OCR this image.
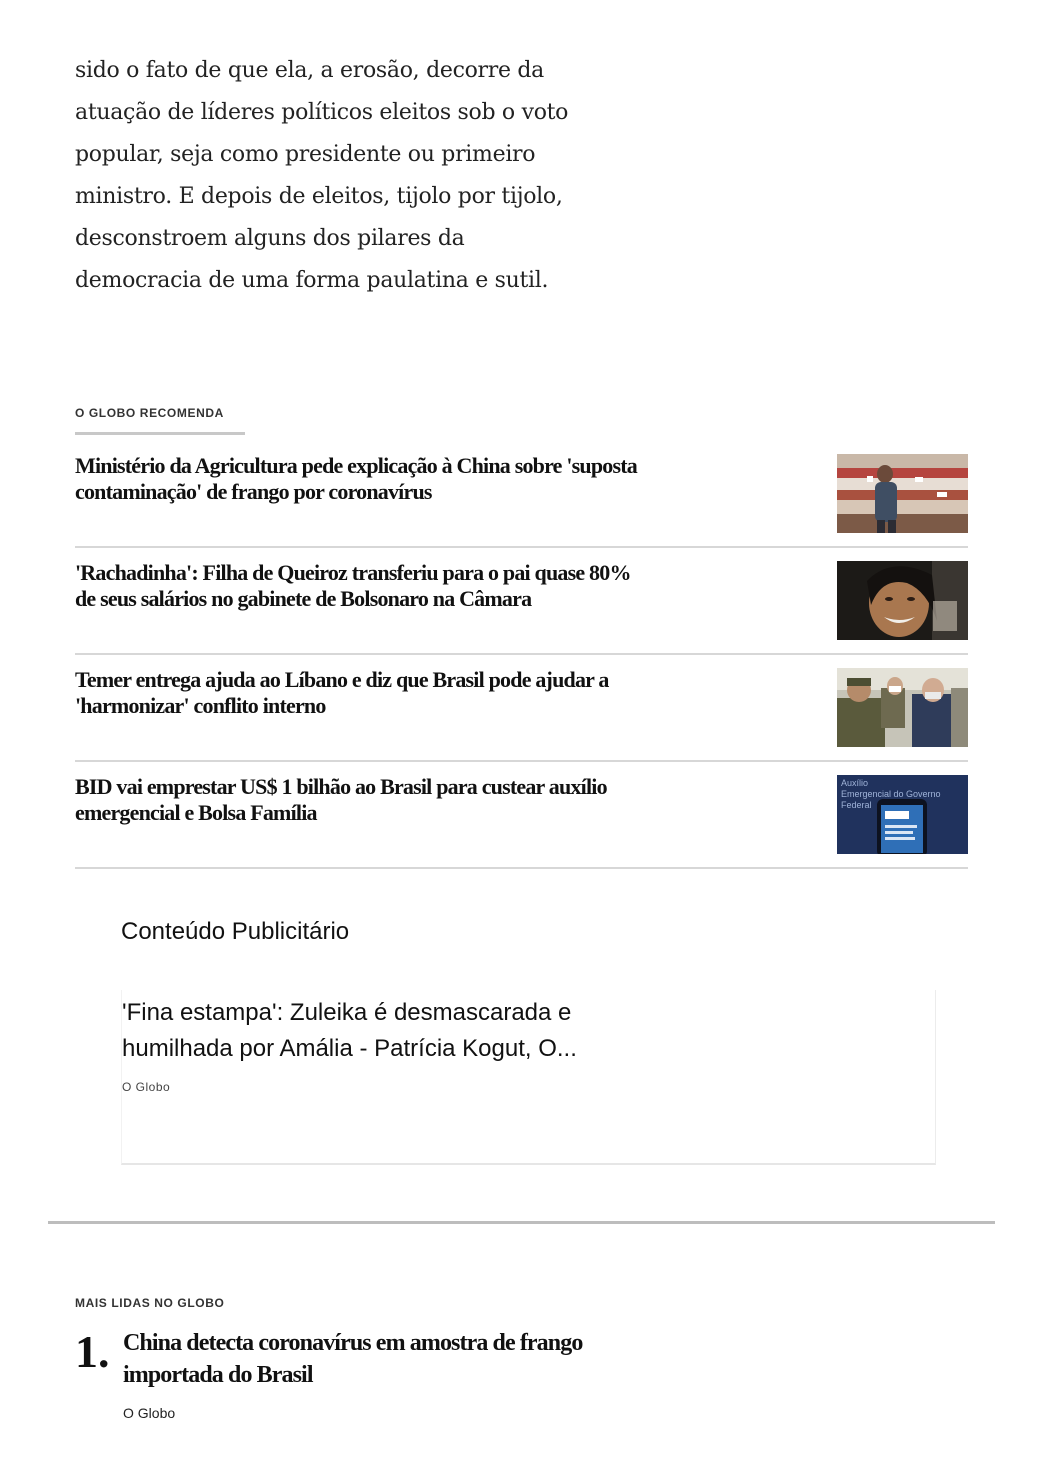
sido o fato de que ela, a erosão, decorre da

atuação de líderes políticos eleitos sob o voto

popular, seja como presidente ou primeiro

ministro. E depois de eleitos, tijolo por tijolo,

desconstroem alguns dos pilares da

democracia de uma forma paulatina e sutil.

O GLOBO RECOMENDA
Ministério da Agricultura pede explicação à China sobre 'suposta contaminação' de frango por coronavírus
'Rachadinha': Filha de Queiroz transferiu para o pai quase 80% de seus salários no gabinete de Bolsonaro na Câmara
Temer entrega ajuda ao Líbano e diz que Brasil pode ajudar a 'harmonizar' conflito interno
BID vai emprestar US$ 1 bilhão ao Brasil para custear auxílio emergencial e Bolsa Família
Auxílio
Emergencial do Governo
Federal
Conteúdo Publicitário
'Fina estampa': Zuleika é desmascarada e humilhada por Amália - Patrícia Kogut, O...
O Globo
MAIS LIDAS NO GLOBO
1. China detecta coronavírus em amostra de frango importada do Brasil
O Globo
